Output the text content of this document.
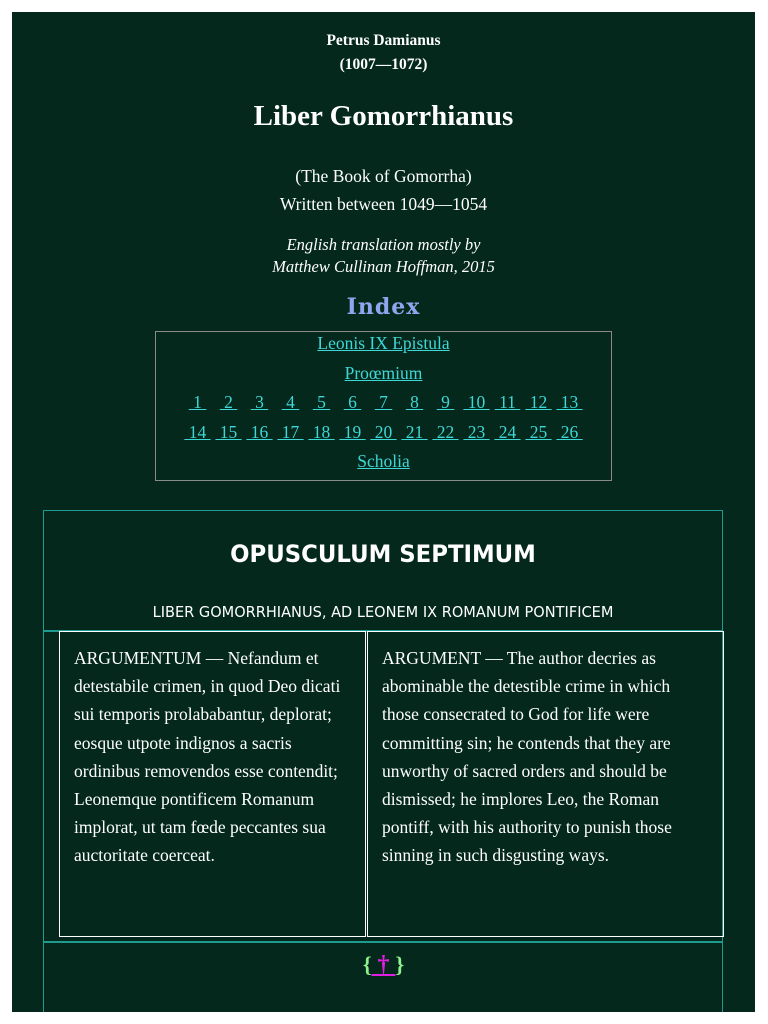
Petrus Damianus
(1007—1072)
Liber Gomorrhianus
(The Book of Gomorrha)
Written between 1049—1054
English translation mostly by
Matthew Cullinan Hoffman, 2015
Index
Leonis IX Epistula
Proœmium
1  2  3  4  5  6  7  8  9  10  11  12  13
14  15  16  17  18  19  20  21  22  23  24  25  26
Scholia
OPUSCULUM SEPTIMUM
LIBER GOMORRHIANUS, AD LEONEM IX ROMANUM PONTIFICEM
ARGUMENTUM — Nefandum et detestabile crimen, in quod Deo dicati sui temporis prolababantur, deplorat; eosque utpote indignos a sacris ordinibus removendos esse contendit; Leonemque pontificem Romanum implorat, ut tam fœde peccantes sua auctoritate coerceat.
ARGUMENT — The author decries as abominable the detestible crime in which those consecrated to God for life were committing sin; he contends that they are unworthy of sacred orders and should be dismissed; he implores Leo, the Roman pontiff, with his authority to punish those sinning in such disgusting ways.
{ † }
